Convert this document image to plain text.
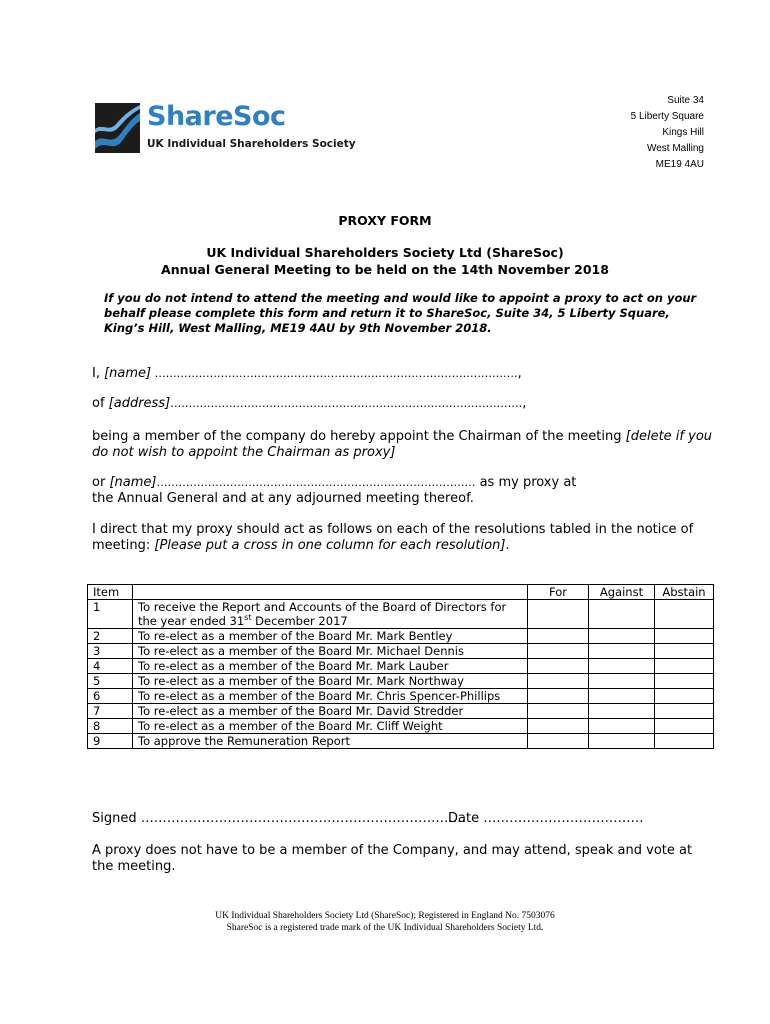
ShareSoc
UK Individual Shareholders Society
Suite 34
5 Liberty Square
Kings Hill
West Malling
ME19 4AU
PROXY FORM
UK Individual Shareholders Society Ltd (ShareSoc)
Annual General Meeting to be held on the 14th November 2018
If you do not intend to attend the meeting and would like to appoint a proxy to act on your behalf please complete this form and return it to ShareSoc, Suite 34, 5 Liberty Square, King’s Hill, West Malling, ME19 4AU by 9th November 2018.
I, [name] ………………………………………………………………………………………,
of [address]……………………………………………………………………………………,
being a member of the company do hereby appoint the Chairman of the meeting [delete if you do not wish to appoint the Chairman as proxy]
or [name]…………………………………………………………………………… as my proxy at
the Annual General and at any adjourned meeting thereof.
I direct that my proxy should act as follows on each of the resolutions tabled in the notice of meeting: [Please put a cross in one column for each resolution].
Item		For	Against	Abstain
1	To receive the Report and Accounts of the Board of Directors for the year ended 31st December 2017			
2	To re-elect as a member of the Board Mr. Mark Bentley			
3	To re-elect as a member of the Board Mr. Michael Dennis			
4	To re-elect as a member of the Board Mr. Mark Lauber			
5	To re-elect as a member of the Board Mr. Mark Northway			
6	To re-elect as a member of the Board Mr. Chris Spencer-Phillips			
7	To re-elect as a member of the Board Mr. David Stredder			
8	To re-elect as a member of the Board Mr. Cliff Weight			
9	To approve the Remuneration Report			
Signed …………………………………………………………………
Date ……………………………….
A proxy does not have to be a member of the Company, and may attend, speak and vote at the meeting.
UK Individual Shareholders Society Ltd (ShareSoc); Registered in England No. 7503076
ShareSoc is a registered trade mark of the UK Individual Shareholders Society Ltd.
